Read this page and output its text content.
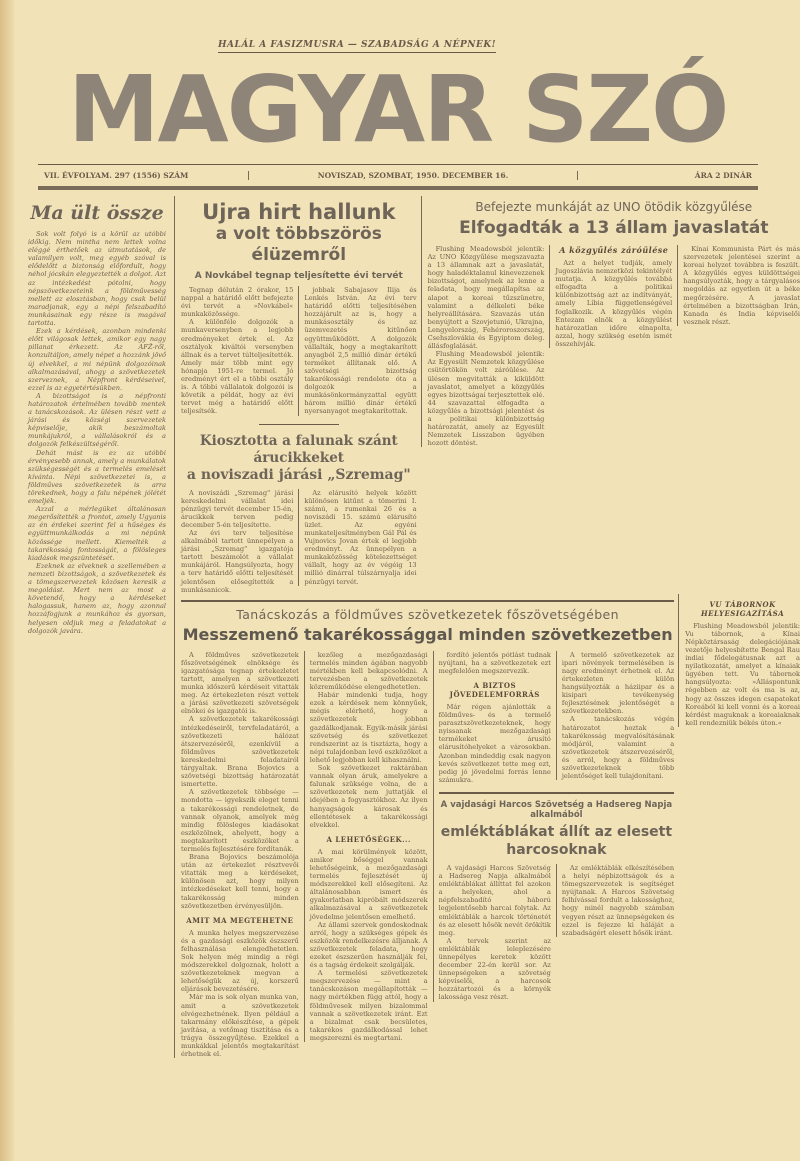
HALÁL A FASIZMUSRA — SZABADSÁG A NÉPNEK!
MAGYAR SZÓ
VII. ÉVFOLYAM. 297 (1556) SZÁM	NOVISZAD, SZOMBAT, 1950. DECEMBER 16.	ÁRA 2 DINÁR
Ma ült össze

Sok volt folyó is a körül az utóbbi időkig. Nem mintha nem lettek volna eléggé érthetőek az útmutatások, de valamilyen volt, meg egyéb szóval is elődelőtt a biztonság előfordult, hogy néhol jócskán elegyeztették a dolgot. Azt az intézkedést pótolni, hogy népszövetkezeteink a földművesség mellett az elosztásban, hogy csak belül maradjanak, egy a népi felszabadító munkásainak egy része is magával tartotta.

Ezek a kérdések, azonban mindenki előtt világosak lettek, amikor egy nagy pillanat érkezett. Az AFŽ-ről, konzultáljon, amely népet a hozzánk jövő új elvekkel, a mi népünk dolgozóinak alkalmazásával, ahogy a szövetkezetek szerveznek, a Népfront kérdéseivel, ezzel is az egyetértésükben.

A bizottságot is a népfronti határozatok értelmében tovább mentek a tanácskozások. Az ülésen részt vett a járási és községi szervezetek képviselője, akik beszámoltak munkájukról, a vállalásokról és a dolgozók felkészültségéről.

Dehát mást is ez az utóbbi érvényesebb annak, amely a munkálatok szükségességét és a termelés emelését kívánta. Népi szövetkezetei is, a földműves szövetkezetek is arra törekednek, hogy a falu népének jólétét emeljék.

Azzal a mérlegüket általánosan megerősítették a frontot, amely Ugyanis az én érdekei szerint fel a hűséges és együttmunkálkodás a mi népünk közössége mellett. Kiemelték a takarékosság fontosságát, a fölösleges kiadások megszüntetését.

Ezeknek az elveknek a szellemében a nemzeti bizottságok, a szövetkezetek és a tömegszervezetek közösen keresik a megoldást. Mert nem az most a követendő, hogy a kérdéseket halogassuk, hanem az, hogy azonnal hozzáfogjunk a munkához és gyorsan, helyesen oldjuk meg a feladatokat a dolgozók javára.

Ujra hirt hallunk
a volt többszörös élüzemről
A Novkábel tegnap teljesítette évi tervét

Tegnap délután 2 órakor, 15 nappal a határidő előtt befejezte évi tervét a »Novkábel« munkaközössége.

A különféle dolgozók a munkaversenyben a legjobb eredményeket értek el. Az osztályok kiváltói versenyben állnak és a tervet túlteljesítették. Amely már több mint egy hónapja 1951-re termel. Jó eredményt ért el a többi osztály is. A többi vállalatok dolgozói is követik a példát, hogy az évi tervet még a határidő előtt teljesítsék.

jobbak Sabajasov Ilija és Lenkés István. Az évi terv határidő előtti teljesítésében hozzájárult az is, hogy a munkásosztály és az üzemvezetés kitűnően együttműködött. A dolgozók vállalták, hogy a megtakarított anyagból 2,5 millió dinár értékű terméket állítanak elő. A szövetségi bizottság takarékossági rendelete óta a dolgozók a munkásönkormányzattal együtt három millió dinár értékű nyersanyagot megtakarítottak.

Kiosztotta a falunak szánt árucikkeket
a noviszadi járási „Szremag"

A noviszádi „Szremag" járási kereskedelmi vállalat idei pénzügyi tervét december 15-én, árucikkek terven pedig december 5-én teljesítette.

Az évi terv teljesítése alkalmából tartott ünnepélyen a járási „Szremag" igazgatója tartott beszámolót a vállalat munkájáról. Hangsúlyozta, hogy a terv határidő előtti teljesítését jelentősen elősegítették a munkásanicok.

Az elárusító helyek között különösen kitűnt a tömerini I. számú, a rumenkai 26 és a noviszádi 15. számú elárusító üzlet. Az egyéni munkateljesítményben Gál Pál és Vujnovics Jovan értek el legjobb eredményt. Az ünnepélyen a munkaközösség kötelezettséget vállalt, hogy az év végéig 13 millió dinárral túlszárnyalja idei pénzügyi tervét.

Befejezte munkáját az UNO ötödik közgyűlése
Elfogadták a 13 állam javaslatát

Flushing Meadowsból jelentik: Az UNO Közgyűlése megszavazta a 13 államnak azt a javaslatát, hogy haladéktalanul kinevezzenek bizottságot, amelynek az lenne a feladata, hogy megállapítsa az alapot a koreai tűzszünetre, valamint a délkeleti béke helyreállítására. Szavazás után benyújtott a Szovjetunió, Ukrajna, Lengyelország, Fehéroroszország, Csehszlovákia és Egyiptom deleg. állásfoglalását.

Flushing Meadowsból jelentik: Az Egyesült Nemzetek közgyűlése csütörtökön volt záróülése. Az ülésen megvitatták a kiküldött javaslatot, amelyet a közgyűlés egyes bizottságai terjesztettek elé. 44 szavazattal elfogadta a közgyűlés a bizottsági jelentést és a politikai különbizottság határozatát, amely az Egyesült Nemzetek Lisszabon ügyében hozott döntést.

A közgyűlés záróülése

Azt a helyet tudják, amely Jugoszlávia nemzetközi tekintélyét mutatja. A közgyűlés továbbá elfogadta a politikai különbizottság azt az indítványát, amely Líbia függetlenségével foglalkozik. A közgyűlés végén Entezam elnök a közgyűlést határozatlan időre elnapolta, azzal, hogy szükség esetén ismét összehívják.

Kínai Kommunista Párt és más szervezetek jelentései szerint a koreai helyzet továbbra is feszült. A közgyűlés egyes küldöttségei hangsúlyozták, hogy a tárgyalásos megoldás az egyetlen út a béke megőrzésére. A javaslat értelmében a bizottságban Irán, Kanada és India képviselői vesznek részt.

Tanácskozás a földműves szövetkezetek főszövetségében
Messzemenő takarékossággal minden szövetkezetben

A földműves szövetkezetek főszövetségének elnöksége és igazgatósága tegnap értekezletet tartott, amelyen a szövetkezeti munka időszerű kérdéseit vitatták meg. Az értekezleten részt vettek a járási szövetkezeti szövetségek elnökei és igazgatói is.

A szövetkezetek takarékossági intézkedéseiről, tervfeladatáról, a szövetkezeti hálózat átszervezéséről, ezenkívül a földműves szövetkezetek kereskedelmi feladatairól tárgyaltak. Brana Bojovics a szövetségi bizottság határozatát ismertette.

A szövetkezetek többsége — mondotta — igyekszik eleget tenni a takarékossági rendeletnek, de vannak olyanok, amelyek még mindig fölösleges kiadásokat eszközölnek, ahelyett, hogy a megtakarított eszközöket a termelés fejlesztésére fordítanák.

Brana Bojovics beszámolója után az értekezlet résztvevői vitatták meg a kérdéseket, különösen azt, hogy milyen intézkedéseket kell tenni, hogy a takarékosság minden szövetkezetben érvényesüljön.

AMIT MA MEGTEHETNE

A munka helyes megszervezése és a gazdasági eszközök észszerű felhasználása elengedhetetlen. Sok helyen még mindig a régi módszerekkel dolgoznak, holott a szövetkezeteknek megvan a lehetőségük az új, korszerű eljárások bevezetésére.

Már ma is sok olyan munka van, amit a szövetkezetek elvégezhetnének. Ilyen például a takarmány előkészítése, a gépek javítása, a vetőmag tisztítása és a trágya összegyűjtése. Ezekkel a munkákkal jelentős megtakarítást érhetnek el.

kezőleg a mezőgazdasági termelés minden ágában nagyobb mértékben kell bekapcsolódni. A tervezésben a szövetkezetek közreműködése elengedhetetlen.

Habár mindenki tudja, hogy ezek a kérdések nem könnyűek, mégis elérhető, hogy a szövetkezetek jobban gazdálkodjanak. Egyik-másik járási szövetség és szövetkezet rendszerint az is tisztázta, hogy a népi tulajdonban levő eszközöket a lehető legjobban kell kihasználni.

Sok szövetkezet raktárában vannak olyan áruk, amelyekre a falunak szüksége volna, de a szövetkezetek nem juttatják el idejében a fogyasztókhoz. Az ilyen hanyagságok károsak és ellentétesek a takarékossági elvekkel.

A LEHETŐSÉGEK...

A mai körülmények között, amikor bőséggel vannak lehetőségeink, a mezőgazdasági termelés fejlesztését új módszerekkel kell elősegíteni. Az általánosabban ismert és gyakorlatban kipróbált módszerek alkalmazásával a szövetkezetek jövedelme jelentősen emelhető.

Az állami szervek gondoskodnak arról, hogy a szükséges gépek és eszközök rendelkezésre álljanak. A szövetkezetek feladata, hogy ezeket észszerűen használják fel, és a tagság érdekeit szolgálják.

A termelési szövetkezetek megszervezése — mint a tanácskozáson megállapították — nagy mértékben függ attól, hogy a földművesek milyen bizalommal vannak a szövetkezetek iránt. Ezt a bizalmat csak becsületes, takarékos gazdálkodással lehet megszerezni és megtartani.

fordító jelentős pótlást tudnak nyújtani, ha a szövetkezetek ezt megfelelően megszervezik.

A BIZTOS JÖVEDELEMFORRÁS

Már régen ajánlották a földműves- és a termelő parasztszövetkezeteknek, hogy nyissanak mezőgazdasági termékeket árusító elárusítóhelyeket a városokban. Azonban mindeddig csak nagyon kevés szövetkezet tette meg ezt, pedig jó jövedelmi forrás lenne számukra.

A termelő szövetkezetek az ipari növények termelésében is nagy eredményt érhetnek el. Az értekezleten külön hangsúlyozták a háziipar és a kisipari tevékenység fejlesztésének jelentőségét a szövetkezetekben.

A tanácskozás végén határozatot hoztak a takarékosság megvalósításának módjáról, valamint a szövetkezetek átszervezéséről, és arról, hogy a földműves szövetkezeteknek több jelentőséget kell tulajdonítani.

A vajdasági Harcos Szövetség a Hadsereg Napja alkalmából
emléktáblákat állít az elesett harcosoknak

A vajdasági Harcos Szövetség a Hadsereg Napja alkalmából emléktáblákat állíttat fel azokon a helyeken, ahol a népfelszabadító háború legjelentősebb harcai folytak. Az emléktáblák a harcok történetét és az elesett hősök nevét örökítik meg.

A tervek szerint az emléktáblák leleplezésére ünnepélyes keretek között december 22-én kerül sor. Az ünnepségeken a szövetség képviselői, a harcosok hozzátartozói és a környék lakossága vesz részt.

Az emléktáblák elkészítésében a helyi népbizottságok és a tömegszervezetek is segítséget nyújtanak. A Harcos Szövetség felhívással fordult a lakossághoz, hogy minél nagyobb számban vegyen részt az ünnepségeken és ezzel is fejezze ki háláját a szabadságért elesett hősök iránt.

VU TÁBORNOK HELYESIGAZÍTÁSA

Flushing Meadowsból jelentik: Vu tábornok, a Kínai Népköztársaság delegációjának vezetője helyesbítette Bengal Rau indiai fődelegátusnak azt a nyilatkozatát, amelyet a kínaiak ügyében tett. Vu tábornok hangsúlyozta: »Álláspontunk régebben az volt és ma is az, hogy az összes idegen csapatokat Koreából ki kell vonni és a koreai kérdést maguknak a koreaiaknak kell rendezniük békés úton.«
